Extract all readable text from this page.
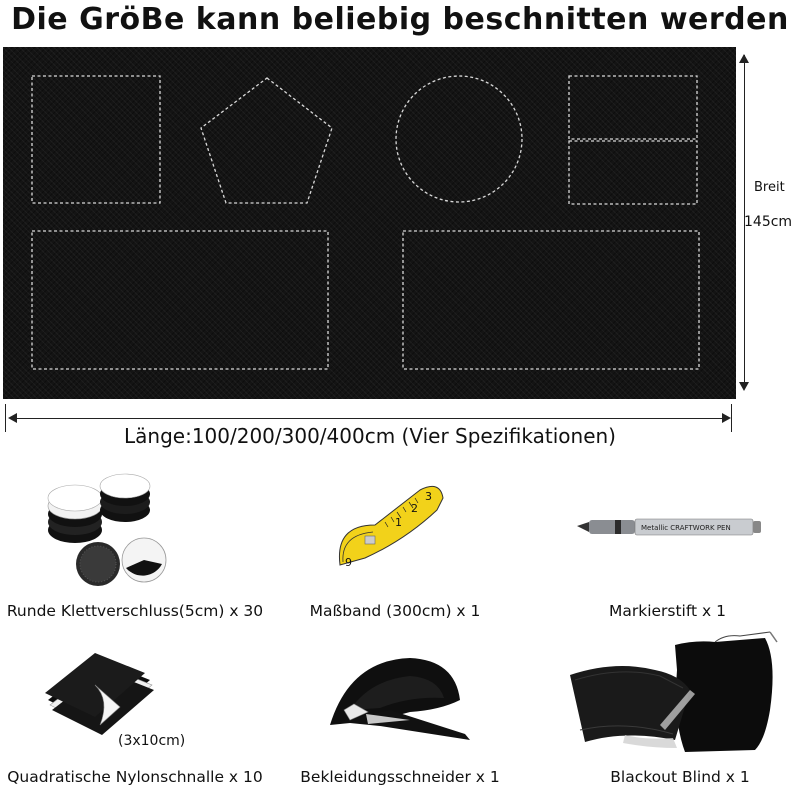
Die GröBe kann beliebig beschnitten werden
Breit
145cm
Länge:100/200/300/400cm (Vier Spezifikationen)
Runde Klettverschluss(5cm) x 30
1
2
3
9
Maßband (300cm) x 1
Metallic CRAFTWORK PEN
Markierstift x 1
(3x10cm)
Quadratische Nylonschnalle x 10	Bekleidungsschneider x 1	Blackout Blind x 1
